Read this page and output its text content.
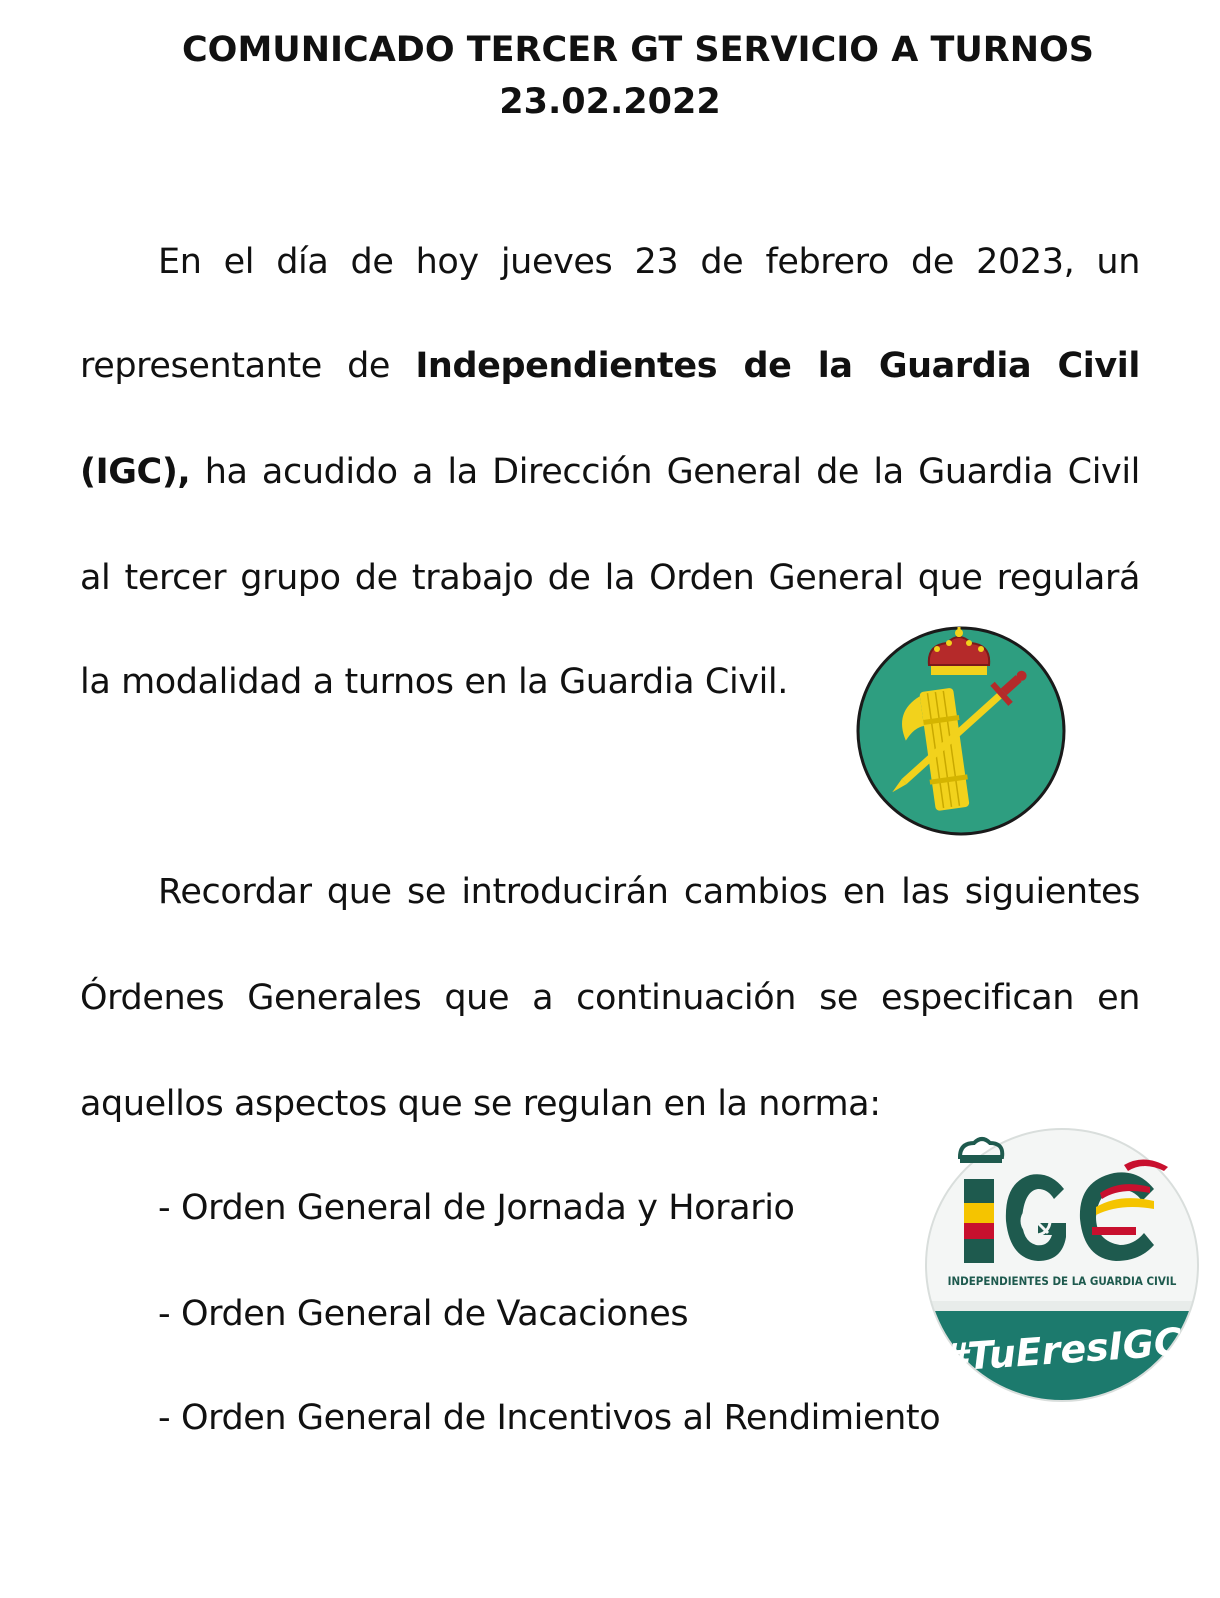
COMUNICADO TERCER GT SERVICIO A TURNOS
23.02.2022
En el día de hoy jueves 23 de febrero de 2023, un
representante de Independientes de la Guardia Civil
(IGC), ha acudido a la Dirección General de la Guardia Civil
al tercer grupo de trabajo de la Orden General que regulará
la modalidad a turnos en la Guardia Civil.
Recordar que se introducirán cambios en las siguientes
Órdenes Generales que a continuación se especifican en
aquellos aspectos que se regulan en la norma:
- Orden General de Jornada y Horario
- Orden General de Vacaciones
- Orden General de Incentivos al Rendimiento
INDEPENDIENTES DE LA GUARDIA CIVIL
#TuEresIGC
